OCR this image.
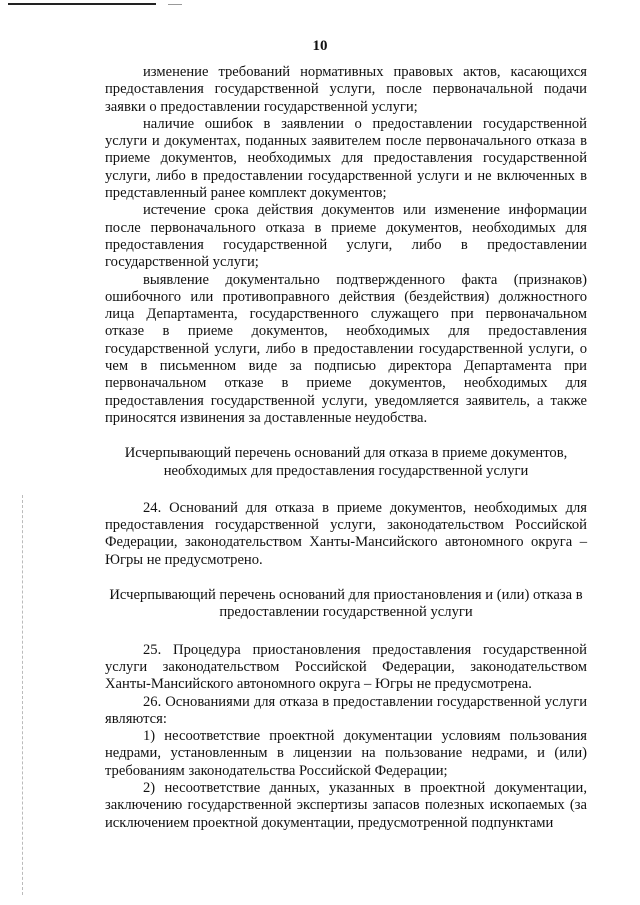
10

изменение требований нормативных правовых актов, касающихся предоставления государственной услуги, после первоначальной подачи заявки о предоставлении государственной услуги;

наличие ошибок в заявлении о предоставлении государственной услуги и документах, поданных заявителем после первоначального отказа в приеме документов, необходимых для предоставления государственной услуги, либо в предоставлении государственной услуги и не включенных в представленный ранее комплект документов;

истечение срока действия документов или изменение информации после первоначального отказа в приеме документов, необходимых для предоставления государственной услуги, либо в предоставлении государственной услуги;

выявление документально подтвержденного факта (признаков) ошибочного или противоправного действия (бездействия) должностного лица Департамента, государственного служащего при первоначальном отказе в приеме документов, необходимых для предоставления государственной услуги, либо в предоставлении государственной услуги, о чем в письменном виде за подписью директора Департамента при первоначальном отказе в приеме документов, необходимых для предоставления государственной услуги, уведомляется заявитель, а также приносятся извинения за доставленные неудобства.

Исчерпывающий перечень оснований для отказа в приеме документов, необходимых для предоставления государственной услуги

24. Оснований для отказа в приеме документов, необходимых для предоставления государственной услуги, законодательством Российской Федерации, законодательством Ханты-Мансийского автономного округа – Югры не предусмотрено.

Исчерпывающий перечень оснований для приостановления и (или) отказа в предоставлении государственной услуги

25. Процедура приостановления предоставления государственной услуги законодательством Российской Федерации, законодательством Ханты-Мансийского автономного округа – Югры не предусмотрена.

26. Основаниями для отказа в предоставлении государственной услуги являются:

1) несоответствие проектной документации условиям пользования недрами, установленным в лицензии на пользование недрами, и (или) требованиям законодательства Российской Федерации;

2) несоответствие данных, указанных в проектной документации, заключению государственной экспертизы запасов полезных ископаемых (за исключением проектной документации, предусмотренной подпунктами
